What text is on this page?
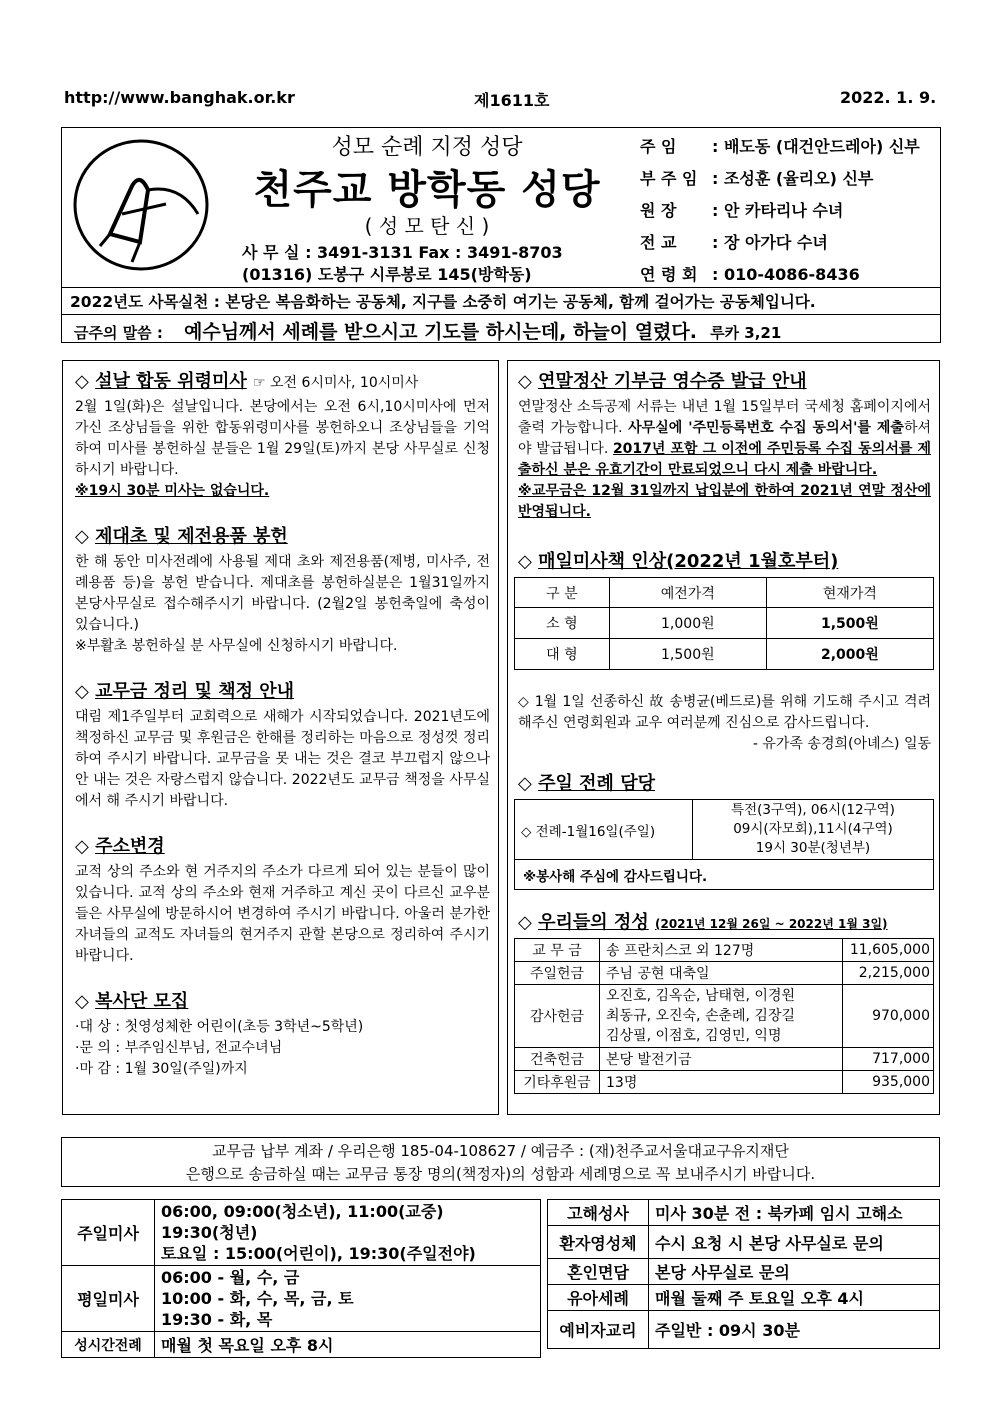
http://www.banghak.or.kr	제1611호	2022. 1. 9.
성모 순례 지정 성당
천주교 방학동 성당
( 성 모 탄 신 )
사 무 실 : 3491-3131 Fax : 3491-8703
(01316) 도봉구 시루봉로 145(방학동)
주 임 : 배도동 (대건안드레아) 신부
부 주 임 : 조성훈 (율리오) 신부
원 장 : 안 카타리나 수녀
전 교 : 장 아가다 수녀
연 령 회 : 010-4086-8436
2022년도 사목실천 : 본당은 복음화하는 공동체, 지구를 소중히 여기는 공동체, 함께 걸어가는 공동체입니다.
금주의 말씀 : 예수님께서 세례를 받으시고 기도를 하시는데, 하늘이 열렸다. 루카 3,21
◇ 설날 합동 위령미사 ☞ 오전 6시미사, 10시미사

2월 1일(화)은 설날입니다. 본당에서는 오전 6시,10시미사에 먼저 가신 조상님들을 위한 합동위령미사를 봉헌하오니 조상님들을 기억하여 미사를 봉헌하실 분들은 1월 29일(토)까지 본당 사무실로 신청하시기 바랍니다.

※19시 30분 미사는 없습니다.

◇ 제대초 및 제전용품 봉헌

한 해 동안 미사전례에 사용될 제대 초와 제전용품(제병, 미사주, 전례용품 등)을 봉헌 받습니다. 제대초를 봉헌하실분은 1월31일까지 본당사무실로 접수해주시기 바랍니다. (2월2일 봉헌축일에 축성이 있습니다.)

※부활초 봉헌하실 분 사무실에 신청하시기 바랍니다.

◇ 교무금 정리 및 책정 안내

대림 제1주일부터 교회력으로 새해가 시작되었습니다. 2021년도에 책정하신 교무금 및 후원금은 한해를 정리하는 마음으로 정성껏 정리하여 주시기 바랍니다. 교무금을 못 내는 것은 결코 부끄럽지 않으나 안 내는 것은 자랑스럽지 않습니다. 2022년도 교무금 책정을 사무실에서 해 주시기 바랍니다.

◇ 주소변경

교적 상의 주소와 현 거주지의 주소가 다르게 되어 있는 분들이 많이 있습니다. 교적 상의 주소와 현재 거주하고 계신 곳이 다르신 교우분들은 사무실에 방문하시어 변경하여 주시기 바랍니다. 아울러 분가한 자녀들의 교적도 자녀들의 현거주지 관할 본당으로 정리하여 주시기 바랍니다.

◇ 복사단 모집

·대 상 : 첫영성체한 어린이(초등 3학년~5학년)

·문 의 : 부주임신부님, 전교수녀님

·마 감 : 1월 30일(주일)까지

◇ 연말정산 기부금 영수증 발급 안내

연말정산 소득공제 서류는 내년 1월 15일부터 국세청 홈페이지에서 출력 가능합니다. 사무실에 '주민등록번호 수집 동의서'를 제출하셔야 발급됩니다. 2017년 포함 그 이전에 주민등록 수집 동의서를 제출하신 분은 유효기간이 만료되었으니 다시 제출 바랍니다.

※교무금은 12월 31일까지 납입분에 한하여 2021년 연말 정산에 반영됩니다.

◇ 매일미사책 인상(2022년 1월호부터)
구 분	예전가격	현재가격
소 형	1,000원	1,500원
대 형	1,500원	2,000원

◇ 1월 1일 선종하신 故 송병균(베드로)를 위해 기도해 주시고 격려해주신 연령회원과 교우 여러분께 진심으로 감사드립니다.

- 유가족 송경희(아녜스) 일동

◇ 주일 전례 담당
◇ 전례-1월16일(주일)	
특전(3구역), 06시(12구역)
09시(자모회),11시(4구역)
19시 30분(청년부)

※봉사해 주심에 감사드립니다.
◇ 우리들의 정성 (2021년 12월 26일 ~ 2022년 1월 3일)
교 무 금	송 프란치스코 외 127명	11,605,000
주일헌금	주님 공현 대축일	2,215,000
감사헌금	오진호, 김옥순, 남태현, 이경원
최동규, 오진숙, 손춘례, 김장길
김상필, 이점호, 김영민, 익명	970,000
건축헌금	본당 발전기금	717,000
기타후원금	13명	935,000
교무금 납부 계좌 / 우리은행 185-04-108627 / 예금주 : (재)천주교서울대교구유지재단
은행으로 송금하실 때는 교무금 통장 명의(책정자)의 성함과 세례명으로 꼭 보내주시기 바랍니다.
주일미사	06:00, 09:00(청소년), 11:00(교중)
19:30(청년)
토요일 : 15:00(어린이), 19:30(주일전야)

평일미사	06:00 - 월, 수, 금
10:00 - 화, 수, 목, 금, 토
19:30 - 화, 목

성시간전례	매월 첫 목요일 오후 8시
고해성사	미사 30분 전 : 북카페 임시 고해소
환자영성체	수시 요청 시 본당 사무실로 문의
혼인면담	본당 사무실로 문의
유아세례	매월 둘째 주 토요일 오후 4시
예비자교리	주일반 : 09시 30분
